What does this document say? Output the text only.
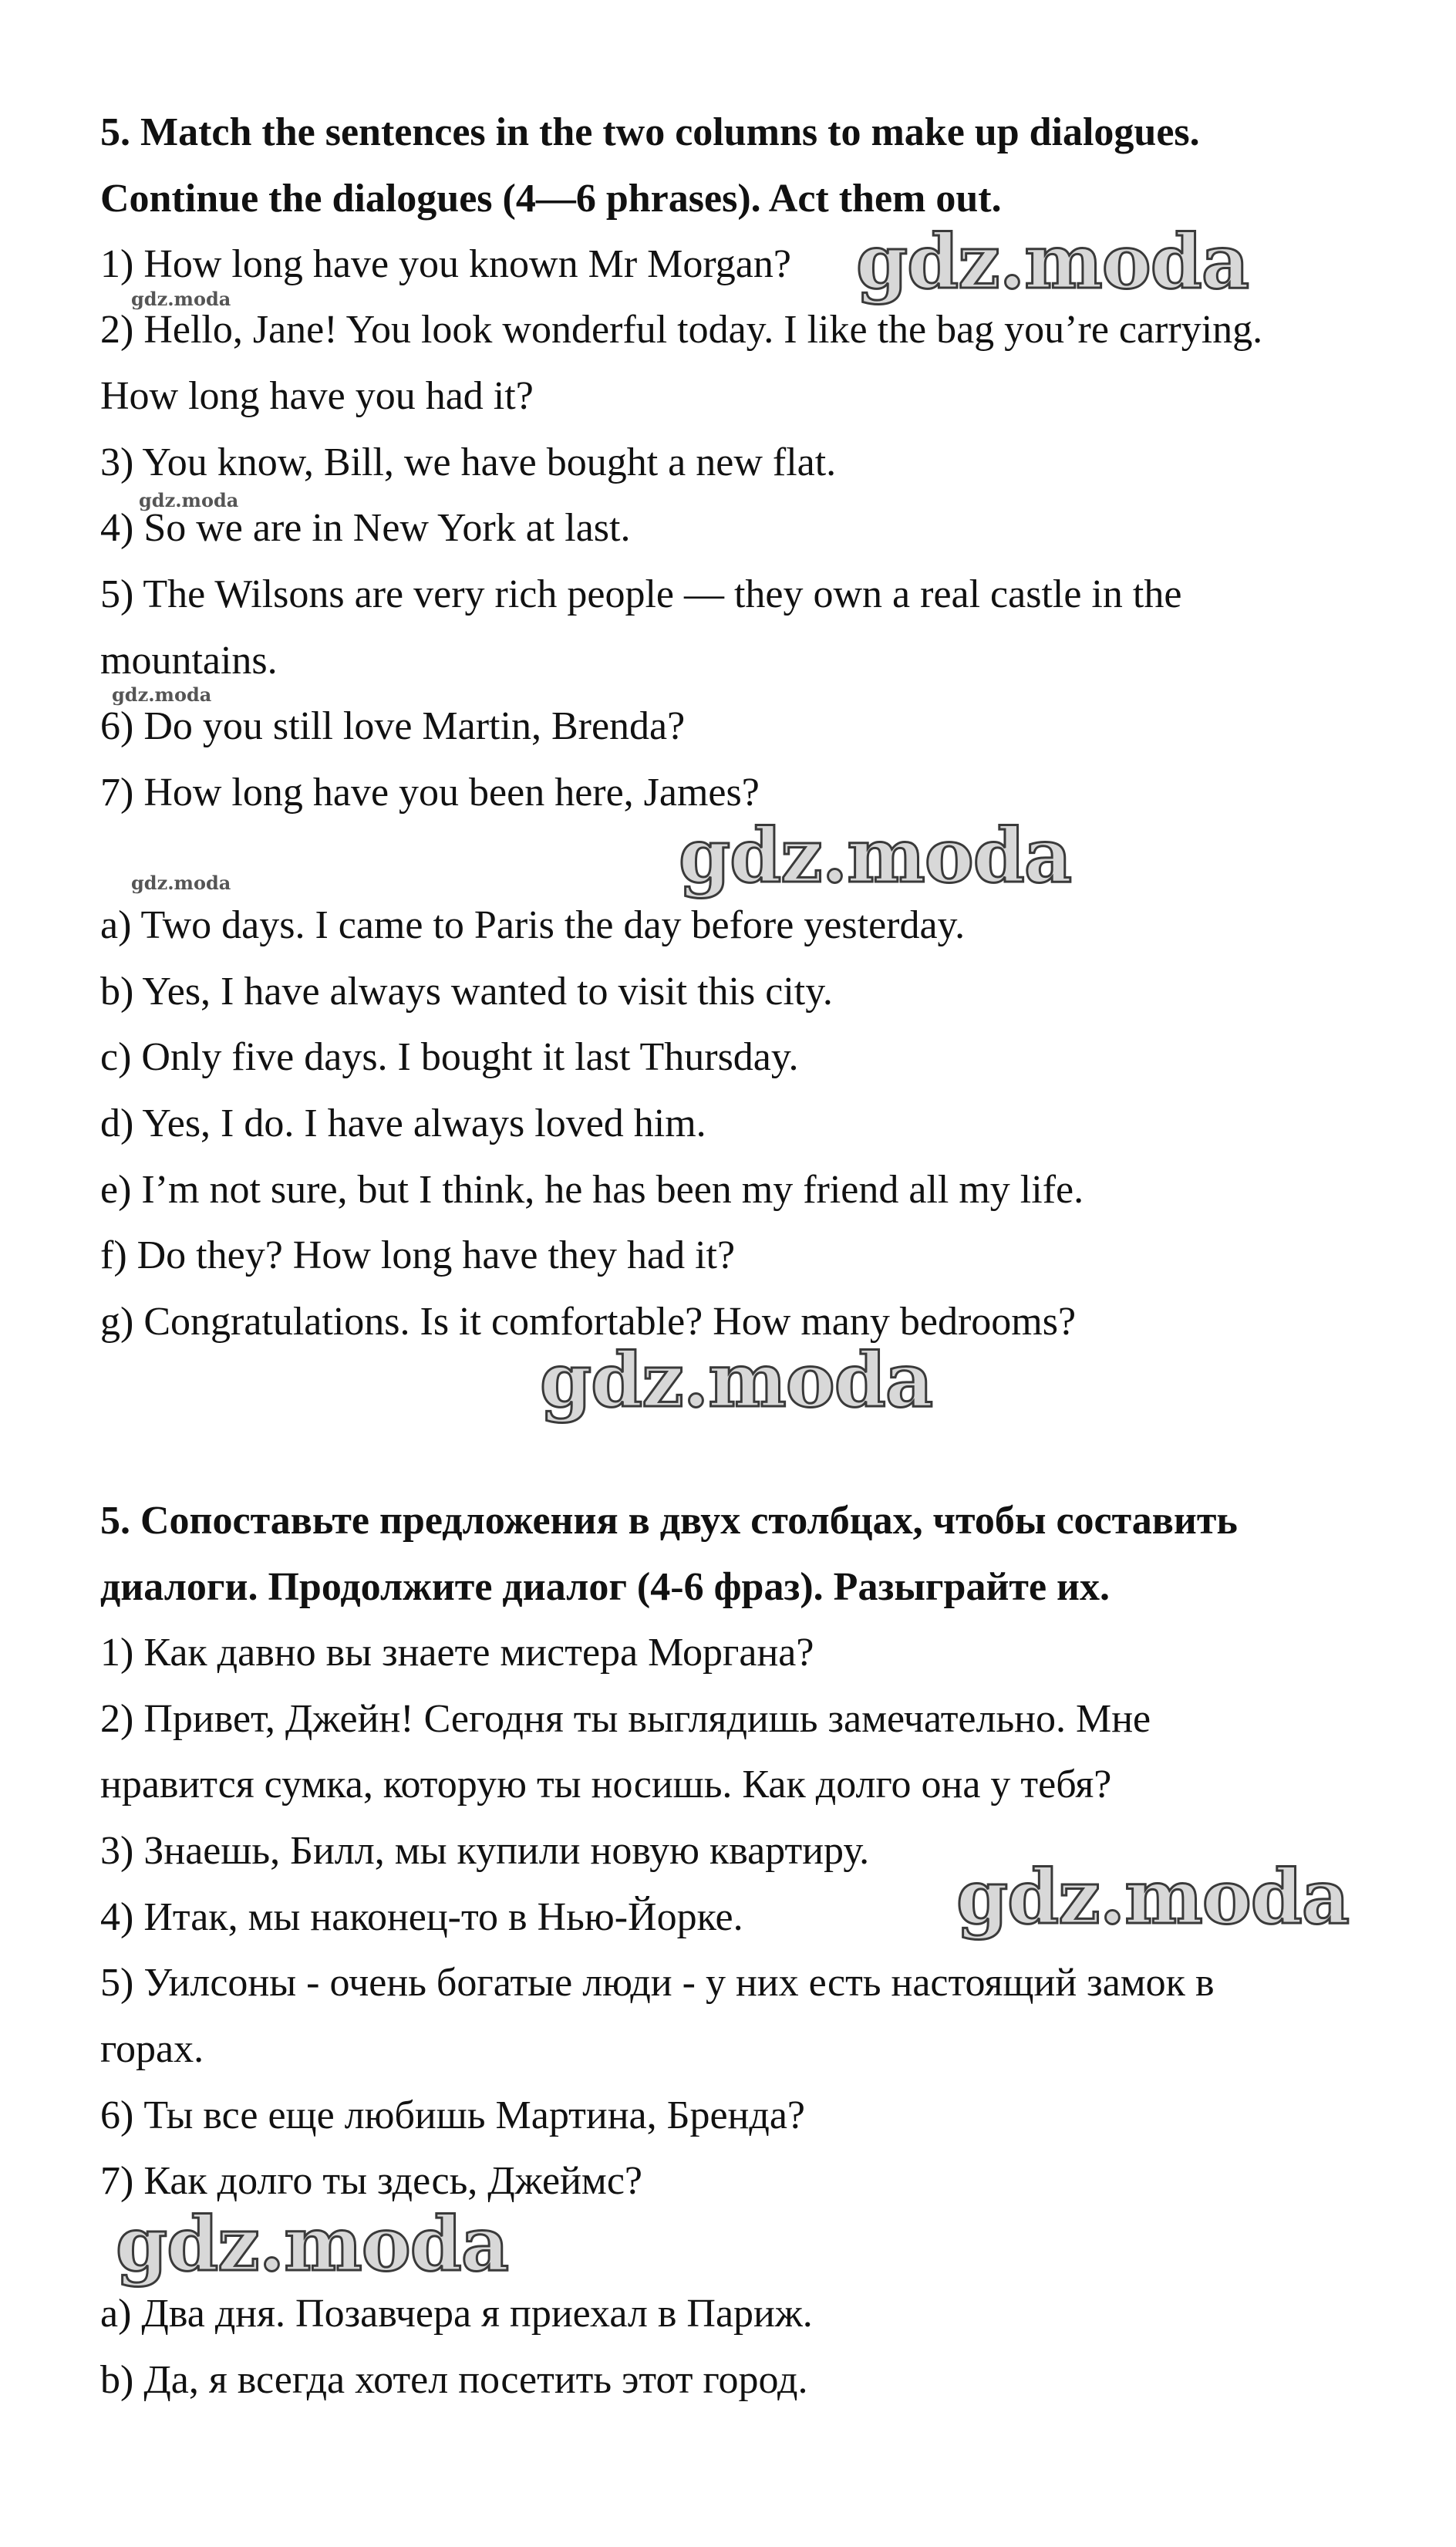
5. Match the sentences in the two columns to make up dialogues.
Continue the dialogues (4—6 phrases). Act them out.
1) How long have you known Mr Morgan?
2) Hello, Jane! You look wonderful today. I like the bag you’re carrying.
How long have you had it?
3) You know, Bill, we have bought a new flat.
4) So we are in New York at last.
5) The Wilsons are very rich people — they own a real castle in the
mountains.
6) Do you still love Martin, Brenda?
7) How long have you been here, James?
a) Two days. I came to Paris the day before yesterday.
b) Yes, I have always wanted to visit this city.
c) Only five days. I bought it last Thursday.
d) Yes, I do. I have always loved him.
e) I’m not sure, but I think, he has been my friend all my life.
f) Do they? How long have they had it?
g) Congratulations. Is it comfortable? How many bedrooms?
5. Сопоставьте предложения в двух столбцах, чтобы составить
диалоги. Продолжите диалог (4-6 фраз). Разыграйте их.
1) Как давно вы знаете мистера Моргана?
2) Привет, Джейн! Сегодня ты выглядишь замечательно. Мне
нравится сумка, которую ты носишь. Как долго она у тебя?
3) Знаешь, Билл, мы купили новую квартиру.
4) Итак, мы наконец-то в Нью-Йорке.
5) Уилсоны - очень богатые люди - у них есть настоящий замок в
горах.
6) Ты все еще любишь Мартина, Бренда?
7) Как долго ты здесь, Джеймс?
a) Два дня. Позавчера я приехал в Париж.
b) Да, я всегда хотел посетить этот город.
gdz.moda
gdz.moda
gdz.moda
gdz.moda
gdz.moda
gdz.moda
gdz.moda
gdz.moda
gdz.moda
